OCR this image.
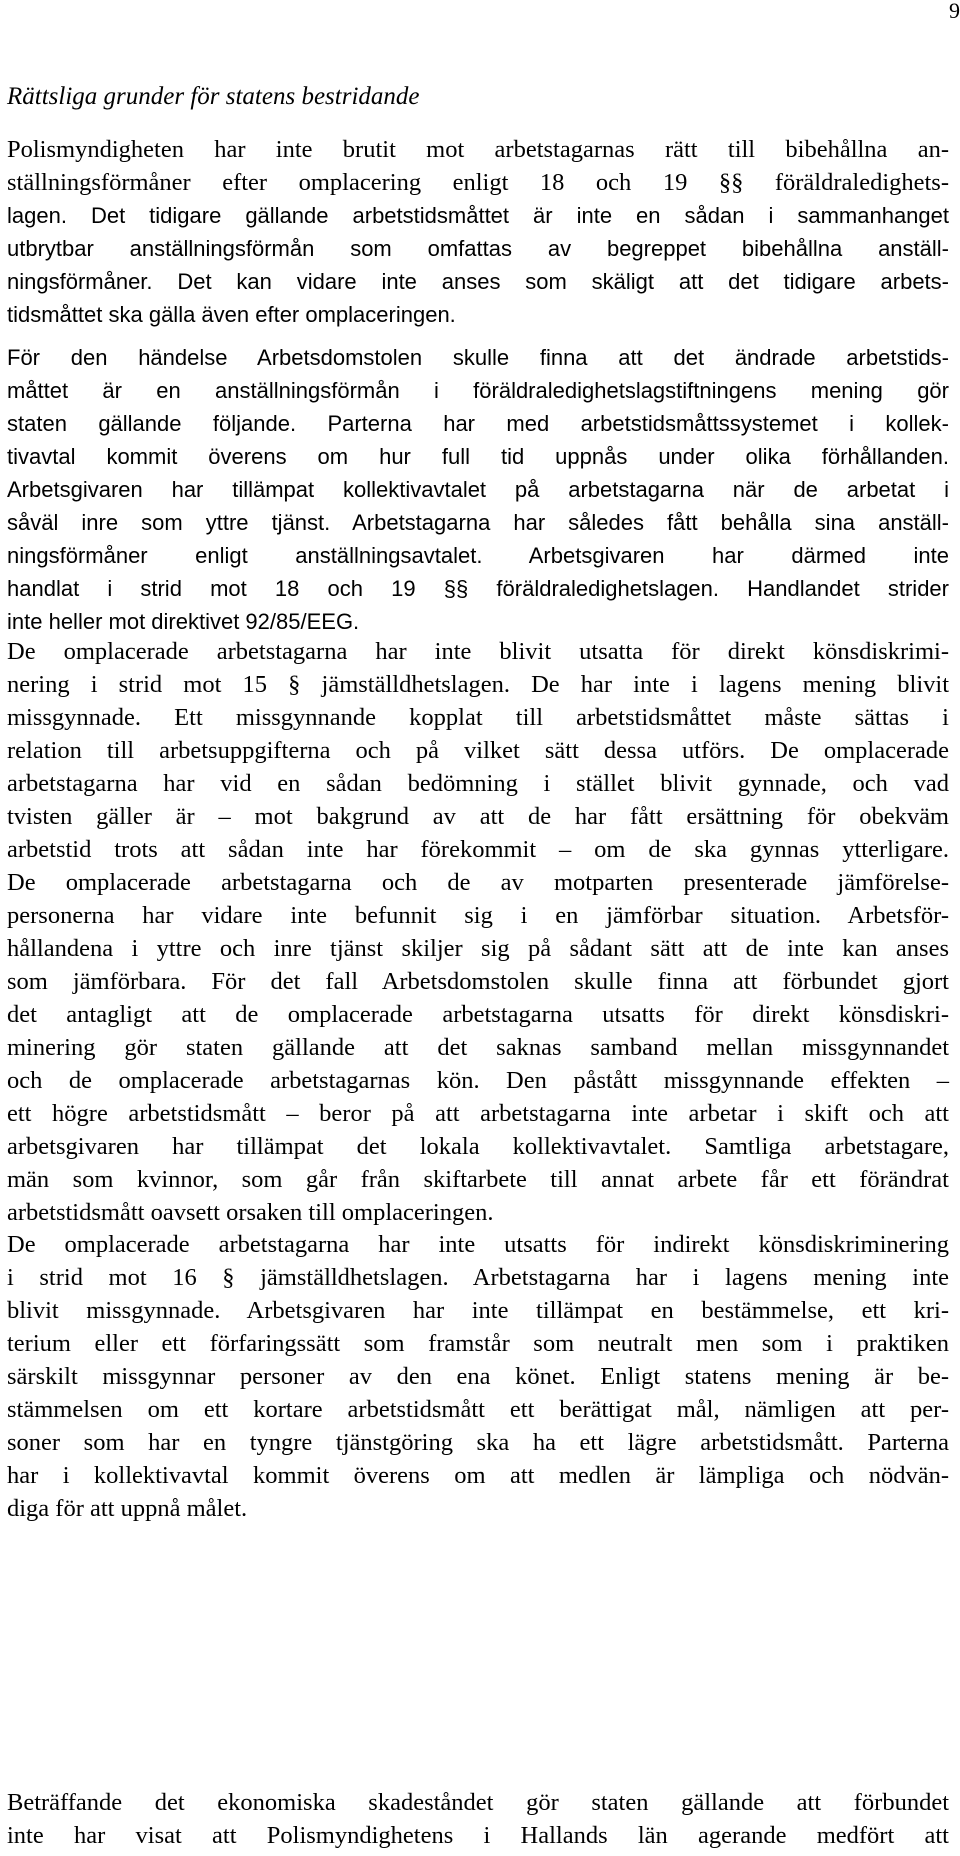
9
Rättsliga grunder för statens bestridande
Polismyndigheten har inte brutit mot arbetstagarnas rätt till bibehållna an-
ställningsförmåner efter omplacering enligt 18 och 19 §§ föräldraledighets-
lagen. Det tidigare gällande arbetstidsmåttet är inte en sådan i sammanhanget
utbrytbar anställningsförmån som omfattas av begreppet bibehållna anställ-
ningsförmåner. Det kan vidare inte anses som skäligt att det tidigare arbets-
tidsmåttet ska gälla även efter omplaceringen.
För den händelse Arbetsdomstolen skulle finna att det ändrade arbetstids-
måttet är en anställningsförmån i föräldraledighetslagstiftningens mening gör
staten gällande följande. Parterna har med arbetstidsmåttssystemet i kollek-
tivavtal kommit överens om hur full tid uppnås under olika förhållanden.
Arbetsgivaren har tillämpat kollektivavtalet på arbetstagarna när de arbetat i
såväl inre som yttre tjänst. Arbetstagarna har således fått behålla sina anställ-
ningsförmåner enligt anställningsavtalet. Arbetsgivaren har därmed inte
handlat i strid mot 18 och 19 §§ föräldraledighetslagen. Handlandet strider
inte heller mot direktivet 92/85/EEG.
De omplacerade arbetstagarna har inte blivit utsatta för direkt könsdiskrimi-
nering i strid mot 15 § jämställdhetslagen. De har inte i lagens mening blivit
missgynnade. Ett missgynnande kopplat till arbetstidsmåttet måste sättas i
relation till arbetsuppgifterna och på vilket sätt dessa utförs. De omplacerade
arbetstagarna har vid en sådan bedömning i stället blivit gynnade, och vad
tvisten gäller är – mot bakgrund av att de har fått ersättning för obekväm
arbetstid trots att sådan inte har förekommit – om de ska gynnas ytterligare.
De omplacerade arbetstagarna och de av motparten presenterade jämförelse-
personerna har vidare inte befunnit sig i en jämförbar situation. Arbetsför-
hållandena i yttre och inre tjänst skiljer sig på sådant sätt att de inte kan anses
som jämförbara. För det fall Arbetsdomstolen skulle finna att förbundet gjort
det antagligt att de omplacerade arbetstagarna utsatts för direkt könsdiskri-
minering gör staten gällande att det saknas samband mellan missgynnandet
och de omplacerade arbetstagarnas kön. Den påstått missgynnande effekten –
ett högre arbetstidsmått – beror på att arbetstagarna inte arbetar i skift och att
arbetsgivaren har tillämpat det lokala kollektivavtalet. Samtliga arbetstagare,
män som kvinnor, som går från skiftarbete till annat arbete får ett förändrat
arbetstidsmått oavsett orsaken till omplaceringen.
De omplacerade arbetstagarna har inte utsatts för indirekt könsdiskriminering
i strid mot 16 § jämställdhetslagen. Arbetstagarna har i lagens mening inte
blivit missgynnade. Arbetsgivaren har inte tillämpat en bestämmelse, ett kri-
terium eller ett förfaringssätt som framstår som neutralt men som i praktiken
särskilt missgynnar personer av den ena könet. Enligt statens mening är be-
stämmelsen om ett kortare arbetstidsmått ett berättigat mål, nämligen att per-
soner som har en tyngre tjänstgöring ska ha ett lägre arbetstidsmått. Parterna
har i kollektivavtal kommit överens om att medlen är lämpliga och nödvän-
diga för att uppnå målet.
Beträffande det ekonomiska skadeståndet gör staten gällande att förbundet
inte har visat att Polismyndighetens i Hallands län agerande medfört att
